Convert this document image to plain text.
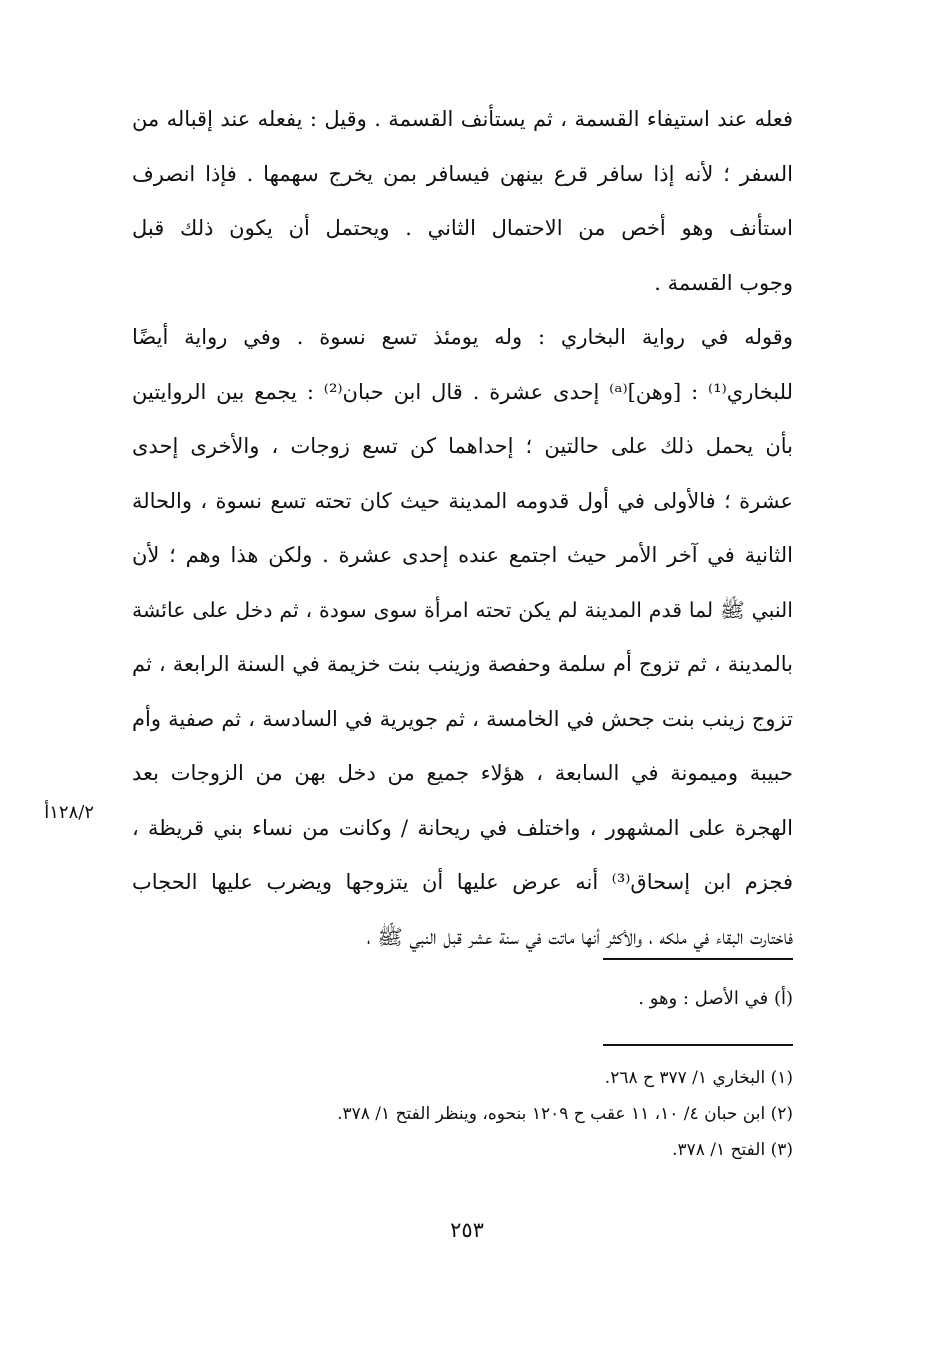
فعله عند استيفاء القسمة ، ثم يستأنف القسمة . وقيل : يفعله عند إقباله من
السفر ؛ لأنه إذا سافر قرع بينهن فيسافر بمن يخرج سهمها . فإذا انصرف
استأنف وهو أخص من الاحتمال الثاني . ويحتمل أن يكون ذلك قبل
وجوب القسمة .
وقوله في رواية البخاري : وله يومئذ تسع نسوة . وفي رواية أيضًا
للبخاري⁽¹⁾ : [وهن]⁽ᵃ⁾ إحدى عشرة . قال ابن حبان⁽²⁾ : يجمع بين الروايتين
بأن يحمل ذلك على حالتين ؛ إحداهما كن تسع زوجات ، والأخرى إحدى
عشرة ؛ فالأولى في أول قدومه المدينة حيث كان تحته تسع نسوة ، والحالة
الثانية في آخر الأمر حيث اجتمع عنده إحدى عشرة . ولكن هذا وهم ؛ لأن
النبي ﷺ لما قدم المدينة لم يكن تحته امرأة سوى سودة ، ثم دخل على عائشة
بالمدينة ، ثم تزوج أم سلمة وحفصة وزينب بنت خزيمة في السنة الرابعة ، ثم
تزوج زينب بنت جحش في الخامسة ، ثم جويرية في السادسة ، ثم صفية وأم
حبيبة وميمونة في السابعة ، هؤلاء جميع من دخل بهن من الزوجات بعد
الهجرة على المشهور ، واختلف في ريحانة / وكانت من نساء بني قريظة ،
فجزم ابن إسحاق⁽³⁾ أنه عرض عليها أن يتزوجها ويضرب عليها الحجاب
فاختارت البقاء في ملكه ، والأكثر أنها ماتت في سنة عشر قبل النبي ﷺ ،
١٢٨/٢أ
(أ) في الأصل : وهو .
(١) البخاري ١/ ٣٧٧ ح ٢٦٨.
(٢) ابن حبان ٤/ ١٠، ١١ عقب ح ١٢٠٩ بنحوه، وينظر الفتح ١/ ٣٧٨.
(٣) الفتح ١/ ٣٧٨.
٢٥٣
